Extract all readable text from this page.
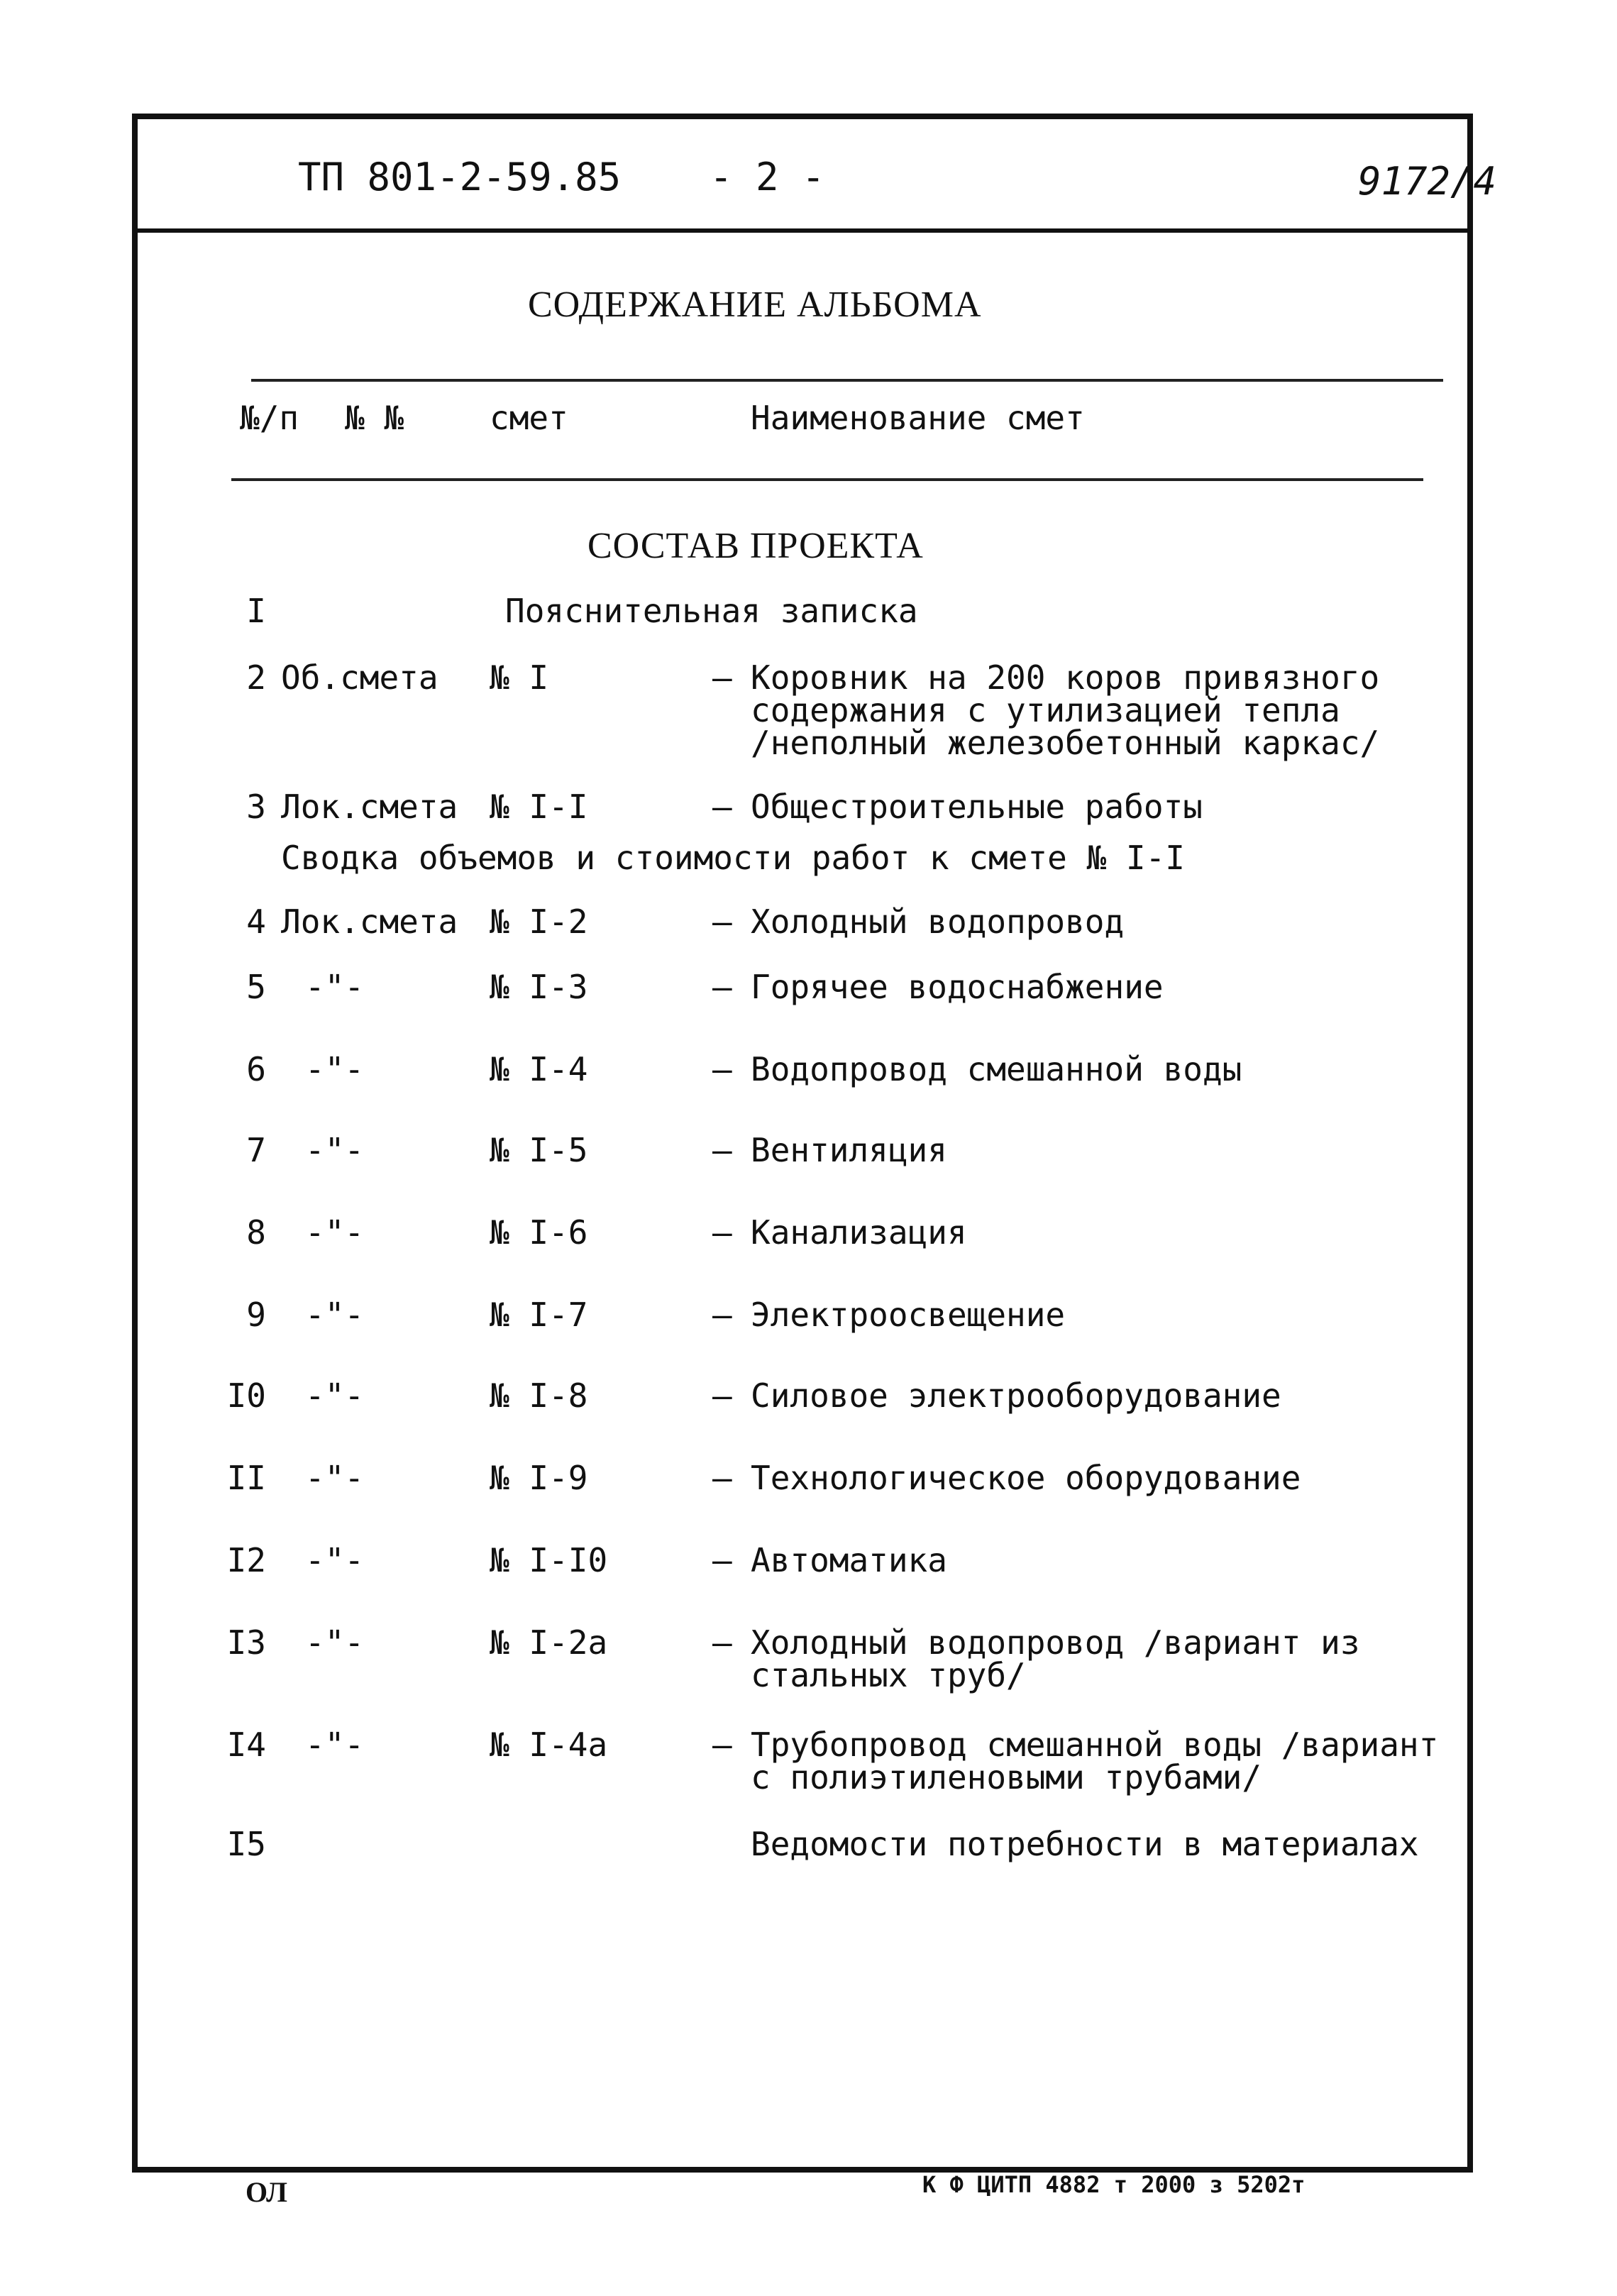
ТП 801-2-59.85 - 2 -	9172/4
СОДЕРЖАНИЕ АЛЬБОМА
№/п № №	смет	Наименование смет
СОСТАВ ПРОЕКТА
I	Пояснительная записка
2 Об.смета № I	– Коровник на 200 коров привязного
содержания с утилизацией тепла
/неполный железобетонный каркас/
3 Лок.смета № I-I	– Общестроительные работы
Сводка объемов и стоимости работ к смете № I-I
4 Лок.смета № I-2	– Холодный водопровод
5 -"-	№ I-3	– Горячее водоснабжение
6 -"-	№ I-4	– Водопровод смешанной воды
7 -"-	№ I-5	– Вентиляция
8 -"-	№ I-6	– Канализация
9 -"-	№ I-7	– Электроосвещение
I0 -"-	№ I-8	– Силовое электрооборудование
II -"-	№ I-9	– Технологическое оборудование
I2 -"-	№ I-I0	– Автоматика
I3 -"-	№ I-2а	– Холодный водопровод /вариант из
стальных труб/
I4 -"-	№ I-4а	– Трубопровод смешанной воды /вариант
с полиэтиленовыми трубами/
I5	Ведомости потребности в материалах
ОЛ	К Ф ЦИТП 4882 т 2000 з 5202т
